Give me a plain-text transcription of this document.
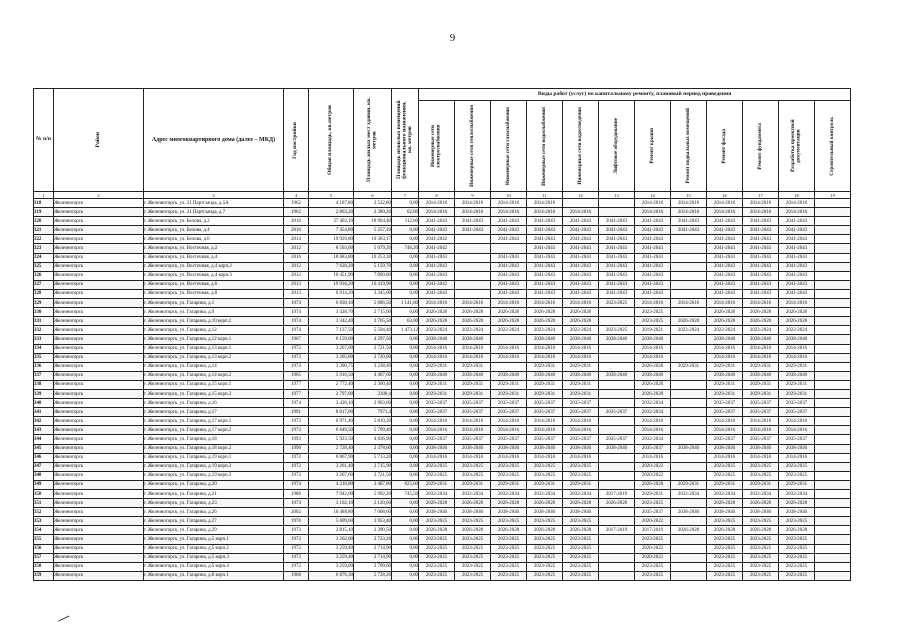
9
№ п/п	Район	Адрес многоквартирного дома (далее – МКД)	Год постройки	Общая площадь, кв.метров	Площадь жилых мест здания, кв. метров	Площадь нежилых помещений функционального назначения, кв. метров	Виды работ (услуг) по капитальному ремонту, плановый период проведения											

							Инженерные сети электроснабжения	Инженерные сети теплоснабжения	Инженерные сети газоснабжения	Инженерные сети водоснабжения	Инженерные сети водоотведения	Лифтовое оборудование	Ремонт крыши	Ремонт подвальных помещений	Ремонт фасада	Ремонт фундамента	Разработка проектной документации	Строительный контроль

1	2	3	4	5	6	7	8	9	10	11	12	13	14	15	16	17	18	19
318	Железногорск	г. Железногорск, ул. 21 Партсъезда, д.5А	1962	4 187,80	2 522,80	0,00	2014-2016	2014-2016	2014-2016	2014-2016			2014-2016	2014-2016	2014-2016	2014-2016	2014-2016	
319	Железногорск	г. Железногорск, ул. 21 Партсъезда, д.7	1962	2 803,20	2 380,20	62,60	2014-2016	2014-2016	2014-2016	2014-2016	2014-2016		2014-2016	2014-2016	2014-2016	2014-2016	2014-2016	
320	Железногорск	г. Железногорск, ул. Белова, д.2	2016	27 402,10	18 904,40	112,60	2041-2043	2041-2043	2041-2043	2041-2043	2041-2043	2041-2043	2041-2043	2041-2043	2041-2043	2041-2043	2041-2043	
321	Железногорск	г. Железногорск, ул. Белова, д.4	2016	7 454,80	5 257,10	0,00	2041-2043	2041-2043	2041-2043	2041-2043	2041-2043	2041-2043	2041-2043	2041-2043	2041-2043	2041-2043	2041-2043	
322	Железногорск	г. Железногорск, ул. Белова, д.6	2014	19 926,80	10 363,17	0,00	2041-2042		2041-2043	2041-2043	2041-2043	2041-2043	2041-2043		2041-2043	2041-2043	2041-2043	
323	Железногорск	г. Железногорск, ул. Восточная, д.2	2012	8 503,60	5 079,20	746,20	2041-2042			2041-2043	2041-2043	2041-2043	2041-2043		2041-2043	2041-2043	2041-2043	
324	Железногорск	г. Железногорск, ул. Восточная, д.4	2016	18 683,80	10 253,30	0,00	2041-2043		2041-2043	2041-2043	2041-2043	2041-2043	2041-2043		2041-2043	2041-2043	2041-2043	
325	Железногорск	г. Железногорск, ул. Восточная, д.4 корп.2	2012	7 628,20	5 159,70	0,00	2041-2043		2041-2043	2041-2043	2041-2043	2041-2043	2041-2043		2041-2043	2041-2043	2041-2043	
326	Железногорск	г. Железногорск, ул. Восточная, д.4 корп.3	2012	10 451,90	7 800,80	0,00	2041-2043		2041-2043	2041-2043	2041-2043	2041-2043	2041-2043		2041-2043	2041-2043	2041-2043	
327	Железногорск	г. Железногорск, ул. Восточная, д.6	2013	19 936,20	10 419,96	0,00	2041-2042		2041-2043	2041-2043	2041-2043	2041-2043	2041-2043		2041-2043	2041-2043	2041-2043	
328	Железногорск	г. Железногорск, ул. Восточная, д.8	2013	6 914,20	3 345,00	0,00	2041-2043		2041-2043	2041-2043	2041-2043	2041-2043	2041-2043		2041-2043	2041-2043	2041-2043	
329	Железногорск	г. Железногорск, ул. Гагарина, д.1	1974	6 830,10	5 686,50	1 141,60	2014-2016	2014-2016	2014-2016	2014-2016	2014-2016	2023-2025	2014-2016	2014-2016	2014-2016	2014-2016	2014-2016	
330	Железногорск	г. Железногорск, ул. Гагарина, д.9	1974	3 328,70	2 715,00	0,00	2026-2028	2026-2028	2026-2028	2026-2028	2026-2028		2023-2025		2026-2028	2026-2028	2026-2028	
331	Железногорск	г. Железногорск, ул. Гагарина, д.10 корп.2	1974	3 342,40	2 705,50	63,00	2026-2028	2026-2028	2026-2028	2026-2028	2026-2028		2023-2025	2026-2028	2026-2028	2026-2028	2026-2028	
332	Железногорск	г. Железногорск, ул. Гагарина, д.12	1974	7 137,50	5 594,40	1 473,12	2023-2024	2022-2024	2022-2024	2022-2024	2022-2024	2023-2025	2019-2021	2022-2024	2022-2024	2022-2024	2022-2024	
333	Железногорск	г. Железногорск, ул. Гагарина, д.12 корп.1	1967	6 159,00	4 297,50	0,00	2038-2040	2038-2040		2038-2040	2038-2040	2038-2040	2038-2040		2038-2040	2038-2040	2038-2040	
334	Железногорск	г. Железногорск, ул. Гагарина, д.13 корп.1	1972	3 267,00	2 721,50	0,00	2014-2016	2014-2016	2014-2016	2014-2016	2014-2016		2014-2016		2014-2016	2014-2016	2014-2016	
335	Железногорск	г. Железногорск, ул. Гагарина, д.13 корп.2	1972	3 265,00	2 720,00	0,00	2014-2016	2014-2016	2014-2016	2014-2016	2014-2016		2014-2016		2014-2016	2014-2016	2014-2016	
336	Железногорск	г. Железногорск, ул. Гагарина, д.14	1974	3 390,75	3 238,40	0,00	2029-2031	2029-2031		2029-2031	2029-2031		2026-2028	2029-2031	2029-2031	2029-2031	2029-2031	
337	Железногорск	г. Железногорск, ул. Гагарина, д.14 корп.2	1965	5 916,50	4 467,60	0,00	2038-2040	2038-2040	2038-2040	2038-2040	2038-2040	2038-2040	2038-2040		2038-2040	2038-2040	2038-2040	
338	Железногорск	г. Железногорск, ул. Гагарина, д.15 корп.1	1977	2 772,40	2 300,40	0,00	2029-2031	2029-2031	2029-2031	2029-2031	2029-2031		2026-2028		2029-2031	2029-2031	2029-2031	
339	Железногорск	г. Железногорск, ул. Гагарина, д.15 корп.2	1977	2 797,00	2300,4	0,00	2029-2031	2029-2031	2029-2031	2029-2031	2029-2031		2026-2028		2029-2031	2029-2031	2029-2031	
340	Железногорск	г. Железногорск, ул. Гагарина, д.16	1974	3 426,10	2 903,60	0,00	2035-2037	2035-2037	2035-2037	2035-2037	2035-2037		2032-2034		2035-2037	2035-2037	2035-2037	
341	Железногорск	г. Железногорск, ул. Гагарина, д.17	1991	8 017,00	7971,4	0,00	2035-2037	2035-2037	2035-2037	2035-2037	2035-2037	2035-2037	2032-2034		2035-2037	2035-2037	2035-2037	
342	Железногорск	г. Железногорск, ул. Гагарина, д.17 корп.1	1972	6 971,40	5 810,20	0,00	2014-2016	2014-2016	2014-2016	2014-2016	2014-2016		2014-2016		2014-2016	2014-2016	2014-2016	
343	Железногорск	г. Железногорск, ул. Гагарина, д.17 корп.2	1972	6 649,50	5 709,40	0,00	2014-2016	2014-2016	2014-2016	2014-2016	2014-2016		2014-2016		2014-2016	2014-2016	2014-2016	
344	Железногорск	г. Железногорск, ул. Гагарина, д.18	1993	5 923,50	4 836,90	0,00	2035-2037	2035-2037	2035-2037	2035-2037	2035-2037	2035-2037	2032-2034		2035-2037	2035-2037	2035-2037	
345	Железногорск	г. Железногорск, ул. Гагарина, д.18 корп.2	1990	2 728,40	2 378,00	0,00	2038-2040	2038-2040	2038-2040	2038-2040	2038-2040	2038-2040	2035-2037	2038-2040	2038-2040	2038-2040	2038-2040	
346	Железногорск	г. Железногорск, ул. Гагарина, д.19 корп.1	1972	6 867,90	5 713,20	0,00	2014-2016	2014-2016	2014-2016	2014-2016	2014-2016		2014-2016		2014-2016	2014-2016	2014-2016	
347	Железногорск	г. Железногорск, ул. Гагарина, д.19 корп.2	1972	3 261,40	2 715,90	0,00	2023-2025	2023-2025	2023-2025	2023-2025	2023-2025		2020-2022		2023-2025	2023-2025	2023-2025	
348	Железногорск	г. Железногорск, ул. Гагарина, д.19 корп.3	1972	3 267,60	2 721,50	0,00	2023-2025	2023-2025	2023-2025	2023-2025	2023-2025		2020-2022		2023-2025	2023-2025	2023-2025	
349	Железногорск	г. Железногорск, ул. Гагарина, д.20	1974	4 218,80	3 487,80	825,60	2029-2031	2029-2031	2029-2031	2029-2031	2029-2031		2026-2028	2029-2031	2029-2031	2029-2031	2029-2031	
350	Железногорск	г. Железногорск, ул. Гагарина, д.21	1980	7 942,00	5 992,20	745,50	2032-2034	2032-2034	2032-2034	2032-2034	2032-2034	2017-2019	2029-2031	2032-2034	2032-2034	2032-2034	2032-2034	
351	Железногорск	г. Железногорск, ул. Гагарина, д.23	1974	3 102,10	2 120,60	0,00	2026-2028	2026-2028	2026-2028	2026-2028	2026-2028	2026-2028	2023-2025		2026-2028	2026-2028	2026-2028	
352	Железногорск	г. Железногорск, ул. Гагарина, д.26	2002	10 488,80	7 068,60	0,00	2038-2040	2038-2040	2038-2040	2038-2040	2038-2040		2035-2037	2038-2040	2038-2040	2038-2040	2038-2040	
353	Железногорск	г. Железногорск, ул. Гагарина, д.27	1976	5 609,60	3 953,40	0,00	2023-2025	2023-2025	2023-2025	2023-2025	2023-2025		2020-2022		2023-2025	2023-2025	2023-2025	
354	Железногорск	г. Железногорск, ул. Гагарина, д.29	1973	2 815,10	2 390,50	0,00	2026-2028	2026-2028	2026-2028	2026-2028	2026-2028	2017-2019	2017-2019	2026-2028	2026-2028	2026-2028	2026-2028	
355	Железногорск	г. Железногорск, ул. Гагарина, д.5 корп.1	1972	3 262,00	2 723,20	0,00	2023-2025	2023-2025	2023-2025	2023-2025	2023-2025		2023-2025		2023-2025	2023-2025	2023-2025	
356	Железногорск	г. Железногорск, ул. Гагарина, д.5 корп.2	1972	3 259,40	2 714,90	0,00	2023-2025	2023-2025	2023-2025	2023-2025	2023-2025		2020-2022		2023-2025	2023-2025	2023-2025	
357	Железногорск	г. Железногорск, ул. Гагарина, д.5 корп.3	1972	3 259,40	2 714,90	0,00	2023-2025	2023-2025	2023-2025	2023-2025	2023-2025		2020-2022		2023-2025	2023-2025	2023-2025	
358	Железногорск	г. Железногорск, ул. Гагарина, д.5 корп.4	1972	3 259,00	2 709,60	0,00	2023-2025	2023-2025	2023-2025	2023-2025	2023-2025		2023-2025		2023-2025	2023-2025	2023-2025	
359	Железногорск	г. Железногорск, ул. Гагарина, д.8 корп.1	1968	6 876,30	5 728,20	0,00	2023-2025	2023-2025	2023-2025	2023-2025	2023-2025		2023-2025		2023-2025	2023-2025	2023-2025	
